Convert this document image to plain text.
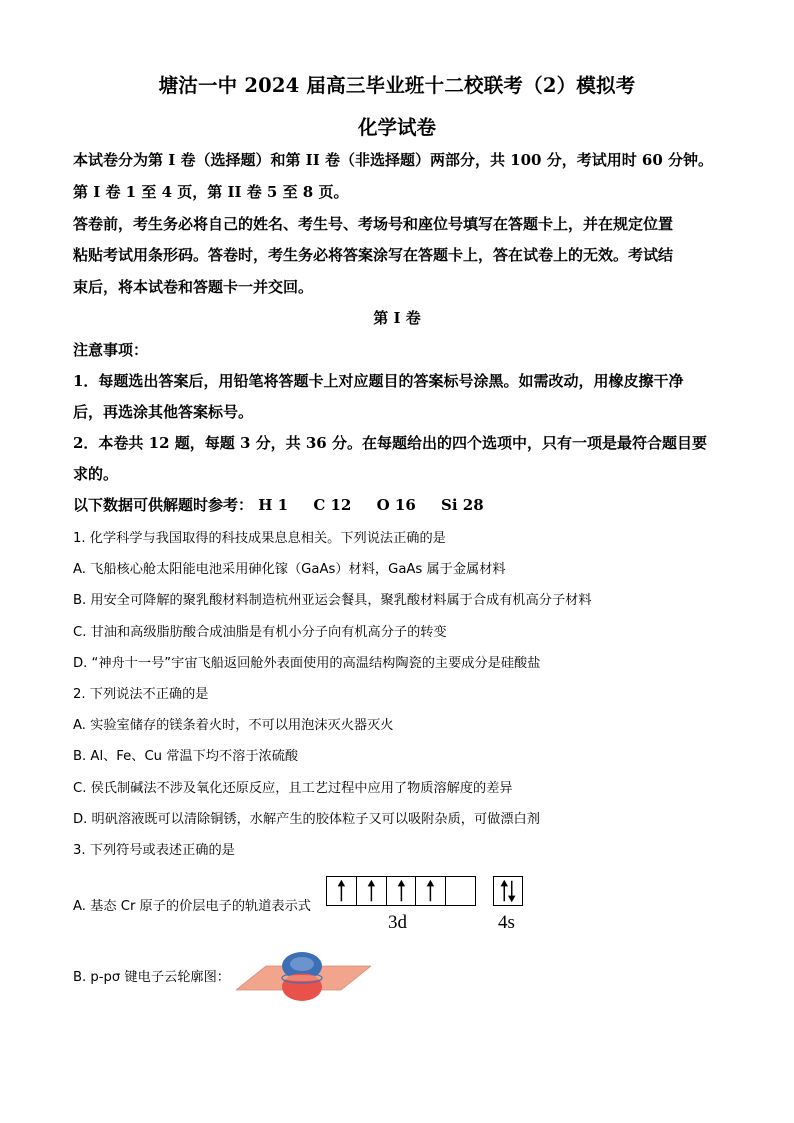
塘沽一中 2024 届高三毕业班十二校联考（2）模拟考
化学试卷
本试卷分为第 I 卷（选择题）和第 II 卷（非选择题）两部分，共 100 分，考试用时 60 分钟。
第 I 卷 1 至 4 页，第 II 卷 5 至 8 页。
答卷前，考生务必将自己的姓名、考生号、考场号和座位号填写在答题卡上，并在规定位置
粘贴考试用条形码。答卷时，考生务必将答案涂写在答题卡上，答在试卷上的无效。考试结
束后，将本试卷和答题卡一并交回。
第 I 卷
注意事项：
1．每题选出答案后，用铅笔将答题卡上对应题目的答案标号涂黑。如需改动，用橡皮擦干净
后，再选涂其他答案标号。
2．本卷共 12 题，每题 3 分，共 36 分。在每题给出的四个选项中，只有一项是最符合题目要
求的。
以下数据可供解题时参考： H 1 C 12 O 16 Si 28
1. 化学科学与我国取得的科技成果息息相关。下列说法正确的是
A. 飞船核心舱太阳能电池采用砷化镓（GaAs）材料，GaAs 属于金属材料
B. 用安全可降解的聚乳酸材料制造杭州亚运会餐具，聚乳酸材料属于合成有机高分子材料
C. 甘油和高级脂肪酸合成油脂是有机小分子向有机高分子的转变
D. “神舟十一号”宇宙飞船返回舱外表面使用的高温结构陶瓷的主要成分是硅酸盐
2. 下列说法不正确的是
A. 实验室储存的镁条着火时，不可以用泡沫灭火器灭火
B. Al、Fe、Cu 常温下均不溶于浓硫酸
C. 侯氏制碱法不涉及氧化还原反应，且工艺过程中应用了物质溶解度的差异
D. 明矾溶液既可以清除铜锈，水解产生的胶体粒子又可以吸附杂质，可做漂白剂
3. 下列符号或表述正确的是
A. 基态 Cr 原子的价层电子的轨道表示式
3d	4s
B. p-pσ 键电子云轮廓图：
